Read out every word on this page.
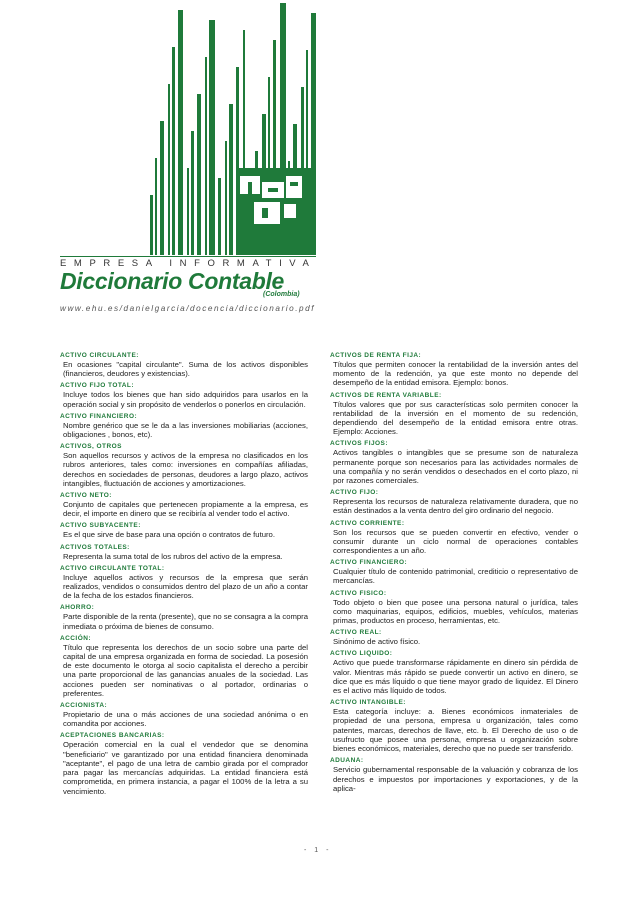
EMPRESA INFORMATIVA
Diccionario Contable
(Colombia)
www.ehu.es/danielgarcia/docencia/diccionario.pdf
ACTIVO CIRCULANTE:
En ocasiones "capital circulante". Suma de los activos disponibles (financieros, deudores y existencias).
ACTIVO FIJO TOTAL:
Incluye todos los bienes que han sido adquiridos para usarlos en la operación social y sin propósito de venderlos o ponerlos en circulación.
ACTIVO FINANCIERO:
Nombre genérico que se le da a las inversiones mobiliarias (acciones, obligaciones , bonos, etc).
ACTIVOS, OTROS
Son aquellos recursos y activos de la empresa no clasificados en los rubros anteriores, tales como: inversiones en compañías afiliadas, derechos en sociedades de personas, deudores a largo plazo, activos intangibles, fluctuación de acciones y amortizaciones.
ACTIVO NETO:
Conjunto de capitales que pertenecen propiamente a la empresa, es decir, el importe en dinero que se recibiría al vender todo el activo.
ACTIVO SUBYACENTE:
Es el que sirve de base para una opción o contratos de futuro.
ACTIVOS TOTALES:
Representa la suma total de los rubros del activo de la empresa.
ACTIVO CIRCULANTE TOTAL:
Incluye aquellos activos y recursos de la empresa que serán realizados, vendidos o consumidos dentro del plazo de un año a contar de la fecha de los estados financieros.
AHORRO:
Parte disponible de la renta (presente), que no se consagra a la compra inmediata o próxima de bienes de consumo.
ACCIÓN:
Título que representa los derechos de un socio sobre una parte del capital de una empresa organizada en forma de sociedad. La posesión de este documento le otorga al socio capitalista el derecho a percibir una parte proporcional de las ganancias anuales de la sociedad. Las acciones pueden ser nominativas o al portador, ordinarias o preferentes.
ACCIONISTA:
Propietario de una o más acciones de una sociedad anónima o en comandita por acciones.
ACEPTACIONES BANCARIAS:
Operación comercial en la cual el vendedor que se denomina "beneficiario" ve garantizado por una entidad financiera denominada "aceptante", el pago de una letra de cambio girada por el comprador para pagar las mercancías adquiridas. La entidad financiera está comprometida, en primera instancia, a pagar el 100% de la letra a su vencimiento.
ACTIVOS DE RENTA FIJA:
Títulos que permiten conocer la rentabilidad de la inversión antes del momento de la redención, ya que este monto no depende del desempeño de la entidad emisora. Ejemplo: bonos.
ACTIVOS DE RENTA VARIABLE:
Títulos valores que por sus características solo permiten conocer la rentabilidad de la inversión en el momento de su redención, dependiendo del desempeño de la entidad emisora entre otras. Ejemplo: Acciones.
ACTIVOS FIJOS:
Activos tangibles o intangibles que se presume son de naturaleza permanente porque son necesarios para las actividades normales de una compañía y no serán vendidos o desechados en el corto plazo, ni por razones comerciales.
ACTIVO FIJO:
Representa los recursos de naturaleza relativamente duradera, que no están destinados a la venta dentro del giro ordinario del negocio.
ACTIVO CORRIENTE:
Son los recursos que se pueden convertir en efectivo, vender o consumir durante un ciclo normal de operaciones contables correspondientes a un año.
ACTIVO FINANCIERO:
Cualquier título de contenido patrimonial, crediticio o representativo de mercancías.
ACTIVO FISICO:
Todo objeto o bien que posee una persona natural o jurídica, tales como maquinarias, equipos, edificios, muebles, vehículos, materias primas, productos en proceso, herramientas, etc.
ACTIVO REAL:
Sinónimo de activo físico.
ACTIVO LIQUIDO:
Activo que puede transformarse rápidamente en dinero sin pérdida de valor. Mientras más rápido se puede convertir un activo en dinero, se dice que es más líquido o que tiene mayor grado de liquidez. El Dinero es el activo más líquido de todos.
ACTIVO INTANGIBLE:
Esta categoría incluye: a. Bienes económicos inmateriales de propiedad de una persona, empresa u organización, tales como patentes, marcas, derechos de llave, etc. b. El Derecho de uso o de usufructo que posee una persona, empresa u organización sobre bienes económicos, materiales, derecho que no puede ser transferido.
ADUANA:
Servicio gubernamental responsable de la valuación y cobranza de los derechos e impuestos por importaciones y exportaciones, y de la aplica-
- 1 -
